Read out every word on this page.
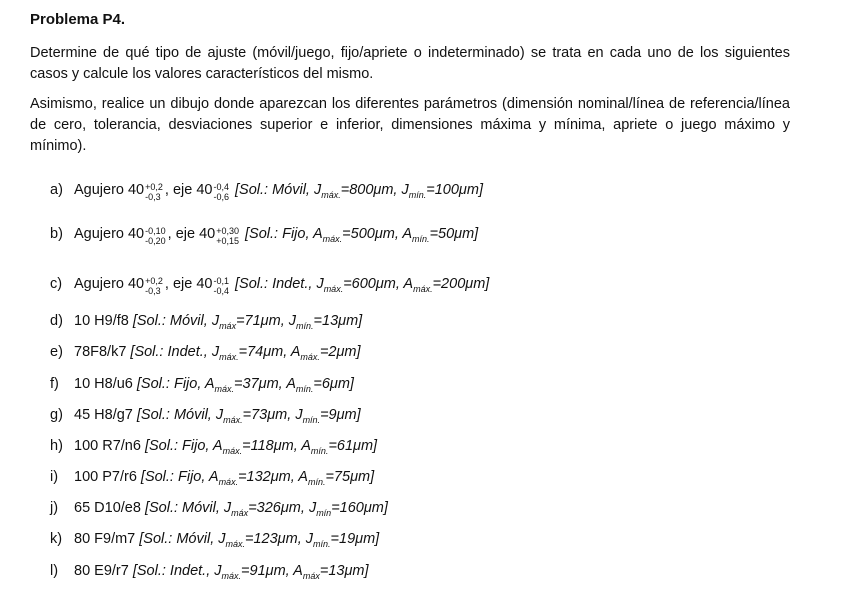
Problema P4.

Determine de qué tipo de ajuste (móvil/juego, fijo/apriete o indeterminado) se trata en cada uno de los siguientes casos y calcule los valores característicos del mismo.

Asimismo, realice un dibujo donde aparezcan los diferentes parámetros (dimensión nominal/línea de referencia/línea de cero, tolerancia, desviaciones superior e inferior, dimensiones máxima y mínima, apriete o juego máximo y mínimo).

a) Agujero 40 +0,2
-0,3 , eje 40 -0,4
-0,6 [Sol.: Móvil, $J_{máx.}=800\mu m$, $J_{mín.}=100\mu m$]
b) Agujero 40 -0,10
-0,20 , eje 40 +0,30
+0,15 [Sol.: Fijo, $A_{máx.}=500\mu m$, $A_{mín.}=50\mu m$]
c) Agujero 40 +0,2
-0,3 , eje 40 -0,1
-0,4 [Sol.: Indet., $J_{máx.}=600\mu m$, $A_{máx.}=200\mu m$]
d) 10 H9/f8 [Sol.: Móvil, $J_{máx}=71\mu m$, $J_{mín.}=13\mu m$]
e) 78F8/k7 [Sol.: Indet., $J_{máx.}=74\mu m$, $A_{máx.}=2\mu m$]
f) 10 H8/u6 [Sol.: Fijo, $A_{máx.}=37\mu m$, $A_{mín.}=6\mu m$]
g) 45 H8/g7 [Sol.: Móvil, $J_{máx.}=73\mu m$, $J_{mín.}=9\mu m$]
h) 100 R7/n6 [Sol.: Fijo, $A_{máx.}=118\mu m$, $A_{mín.}=61\mu m$]
i) 100 P7/r6 [Sol.: Fijo, $A_{máx.}=132\mu m$, $A_{mín.}=75\mu m$]
j) 65 D10/e8 [Sol.: Móvil, $J_{máx}=326\mu m$, $J_{mín}=160\mu m$]
k) 80 F9/m7 [Sol.: Móvil, $J_{máx.}=123\mu m$, $J_{mín.}=19\mu m$]
l) 80 E9/r7 [Sol.: Indet., $J_{máx.}=91\mu m$, $A_{máx}=13\mu m$]
